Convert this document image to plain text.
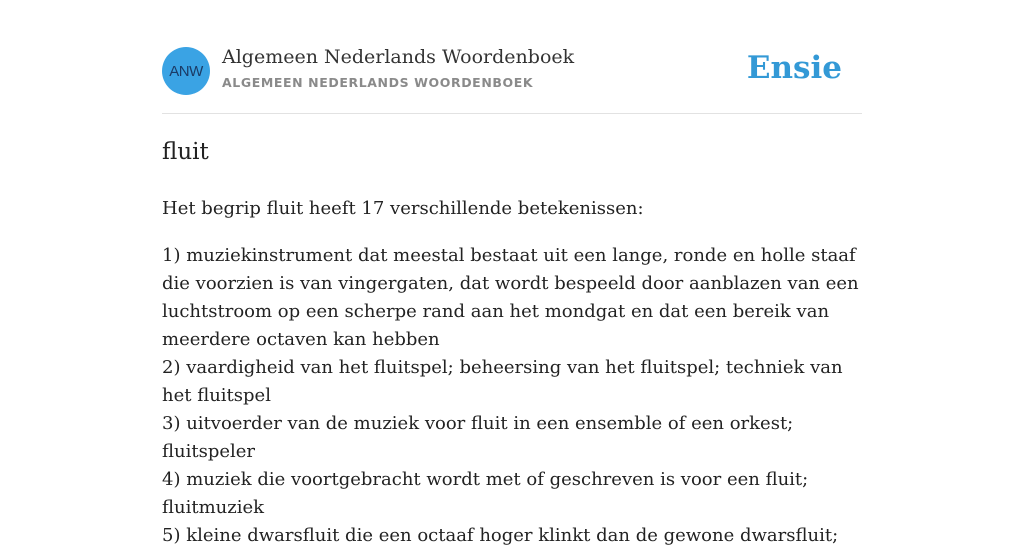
ANW
Algemeen Nederlands Woordenboek
ALGEMEEN NEDERLANDS WOORDENBOEK	Ensie
fluit

Het begrip fluit heeft 17 verschillende betekenissen:

1) muziekinstrument dat meestal bestaat uit een lange, ronde en holle staaf die voorzien is van vingergaten, dat wordt bespeeld door aanblazen van een luchtstroom op een scherpe rand aan het mondgat en dat een bereik van meerdere octaven kan hebben
2) vaardigheid van het fluitspel; beheersing van het fluitspel; techniek van het fluitspel
3) uitvoerder van de muziek voor fluit in een ensemble of een orkest; fluitspeler
4) muziek die voortgebracht wordt met of geschreven is voor een fluit; fluitmuziek
5) kleine dwarsfluit die een octaaf hoger klinkt dan de gewone dwarsfluit;
